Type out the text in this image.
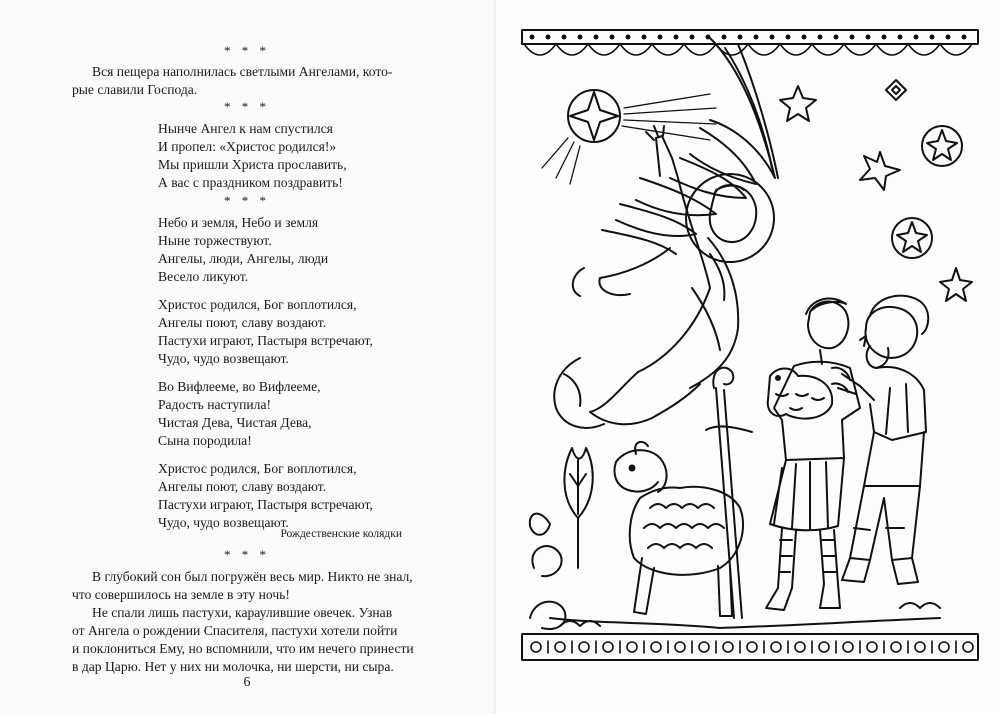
* * *
Вся пещера наполнилась светлыми Ангелами, кото-
рые славили Господа.
* * *
Нынче Ангел к нам спустился
И пропел: «Христос родился!»
Мы пришли Христа прославить,
А вас с праздником поздравить!
* * *
Небо и земля, Небо и земля
Ныне торжествуют.
Ангелы, люди, Ангелы, люди
Весело ликуют.
Христос родился, Бог воплотился,
Ангелы поют, славу воздают.
Пастухи играют, Пастыря встречают,
Чудо, чудо возвещают.
Во Вифлееме, во Вифлееме,
Радость наступила!
Чистая Дева, Чистая Дева,
Сына породила!
Христос родился, Бог воплотился,
Ангелы поют, славу воздают.
Пастухи играют, Пастыря встречают,
Чудо, чудо возвещают.
Рождественские колядки
* * *
В глубокий сон был погружён весь мир. Никто не знал,
что совершилось на земле в эту ночь!
Не спали лишь пастухи, караулившие овечек. Узнав
от Ангела о рождении Спасителя, пастухи хотели пойти
и поклониться Ему, но вспомнили, что им нечего принести
в дар Царю. Нет у них ни молочка, ни шерсти, ни сыра.
6
